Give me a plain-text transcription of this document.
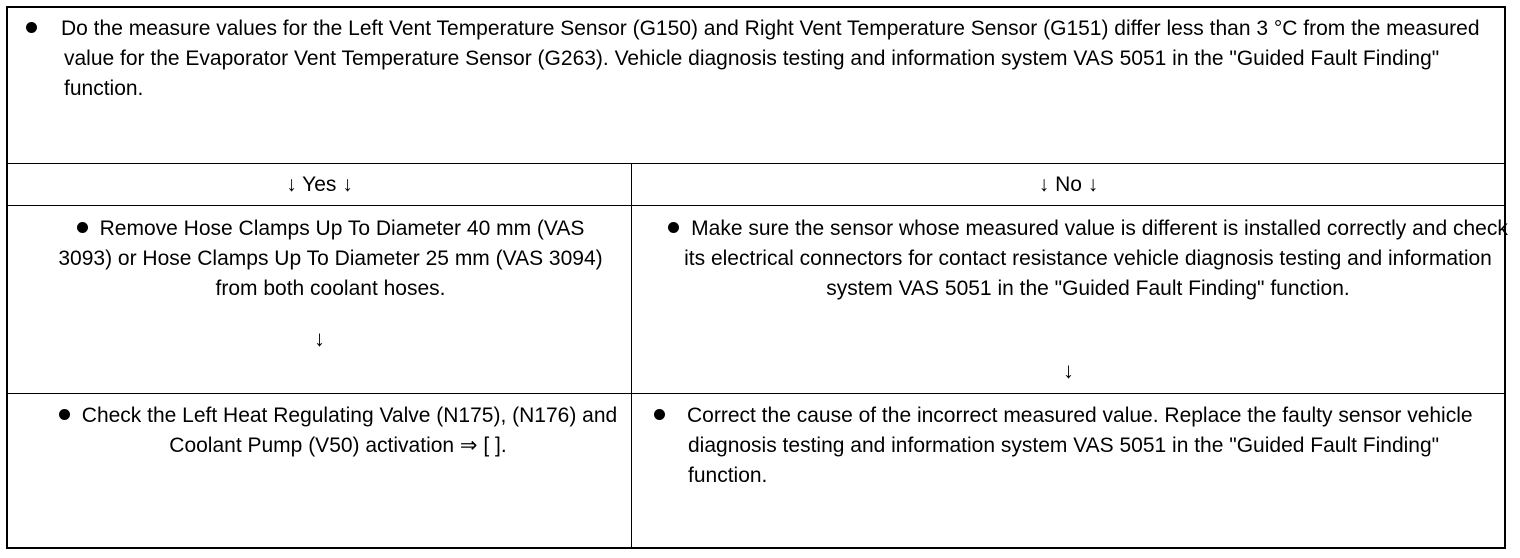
Do the measure values for the Left Vent Temperature Sensor (G150) and Right Vent Temperature Sensor (G151) differ less than 3 °C from the measured value for the Evaporator Vent Temperature Sensor (G263). Vehicle diagnosis testing and information system VAS 5051 in the "Guided Fault Finding" function.
↓ Yes ↓	↓ No ↓
Remove Hose Clamps Up To Diameter 40 mm (VAS 3093) or Hose Clamps Up To Diameter 25 mm (VAS 3094) from both coolant hoses.
↓
Make sure the sensor whose measured value is different is installed correctly and check its electrical connectors for contact resistance vehicle diagnosis testing and information system VAS 5051 in the "Guided Fault Finding" function.
↓
Check the Left Heat Regulating Valve (N175), (N176) and Coolant Pump (V50) activation ⇒ [ ].
Correct the cause of the incorrect measured value. Replace the faulty sensor vehicle diagnosis testing and information system VAS 5051 in the "Guided Fault Finding" function.
